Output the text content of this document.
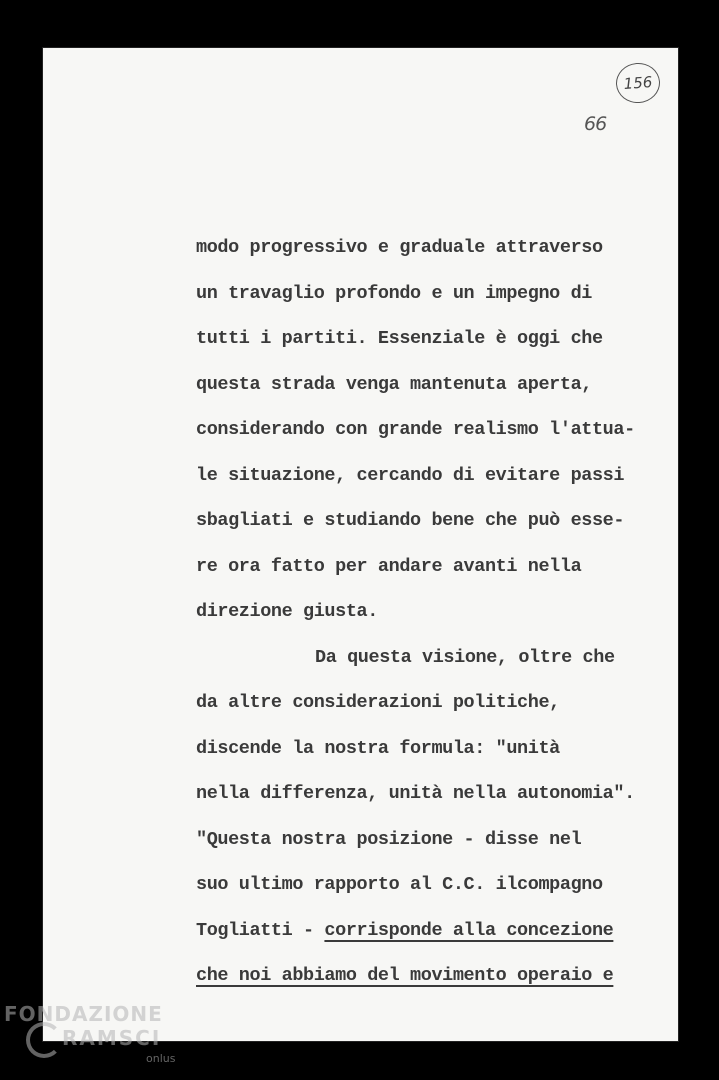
156
66
modo progressivo e graduale attraverso
un travaglio profondo e un impegno di
tutti i partiti. Essenziale è oggi che
questa strada venga mantenuta aperta,
considerando con grande realismo l'attua-
le situazione, cercando di evitare passi
sbagliati e studiando bene che può esse-
re ora fatto per andare avanti nella
direzione giusta.
Da questa visione, oltre che
da altre considerazioni politiche,
discende la nostra formula: "unità
nella differenza, unità nella autonomia".
"Questa nostra posizione - disse nel
suo ultimo rapporto al C.C. ilcompagno
Togliatti - corrisponde alla concezione
che noi abbiamo del movimento operaio e
FONDAZIONE
RAMSCI
onlus
